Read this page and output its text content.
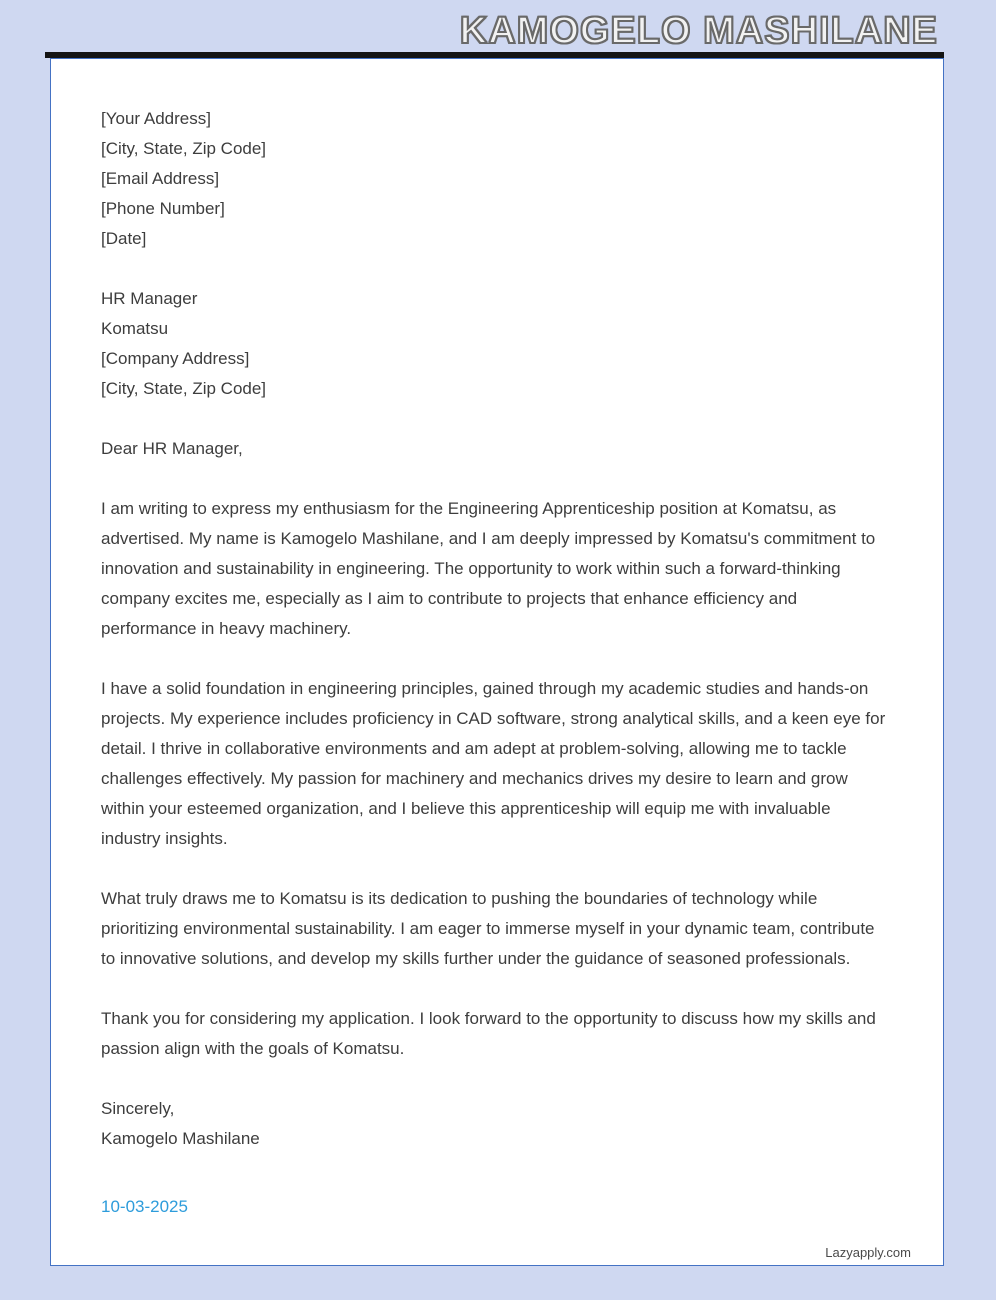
KAMOGELO MASHILANE
[Your Address]
[City, State, Zip Code]
[Email Address]
[Phone Number]
[Date]
HR Manager
Komatsu
[Company Address]
[City, State, Zip Code]
Dear HR Manager,

I am writing to express my enthusiasm for the Engineering Apprenticeship position at Komatsu, as advertised. My name is Kamogelo Mashilane, and I am deeply impressed by Komatsu's commitment to innovation and sustainability in engineering. The opportunity to work within such a forward-thinking company excites me, especially as I aim to contribute to projects that enhance efficiency and performance in heavy machinery.

I have a solid foundation in engineering principles, gained through my academic studies and hands-on projects. My experience includes proficiency in CAD software, strong analytical skills, and a keen eye for detail. I thrive in collaborative environments and am adept at problem-solving, allowing me to tackle challenges effectively. My passion for machinery and mechanics drives my desire to learn and grow within your esteemed organization, and I believe this apprenticeship will equip me with invaluable industry insights.

What truly draws me to Komatsu is its dedication to pushing the boundaries of technology while prioritizing environmental sustainability. I am eager to immerse myself in your dynamic team, contribute to innovative solutions, and develop my skills further under the guidance of seasoned professionals.

Thank you for considering my application. I look forward to the opportunity to discuss how my skills and passion align with the goals of Komatsu.

Sincerely,
Kamogelo Mashilane
10-03-2025
Lazyapply.com
